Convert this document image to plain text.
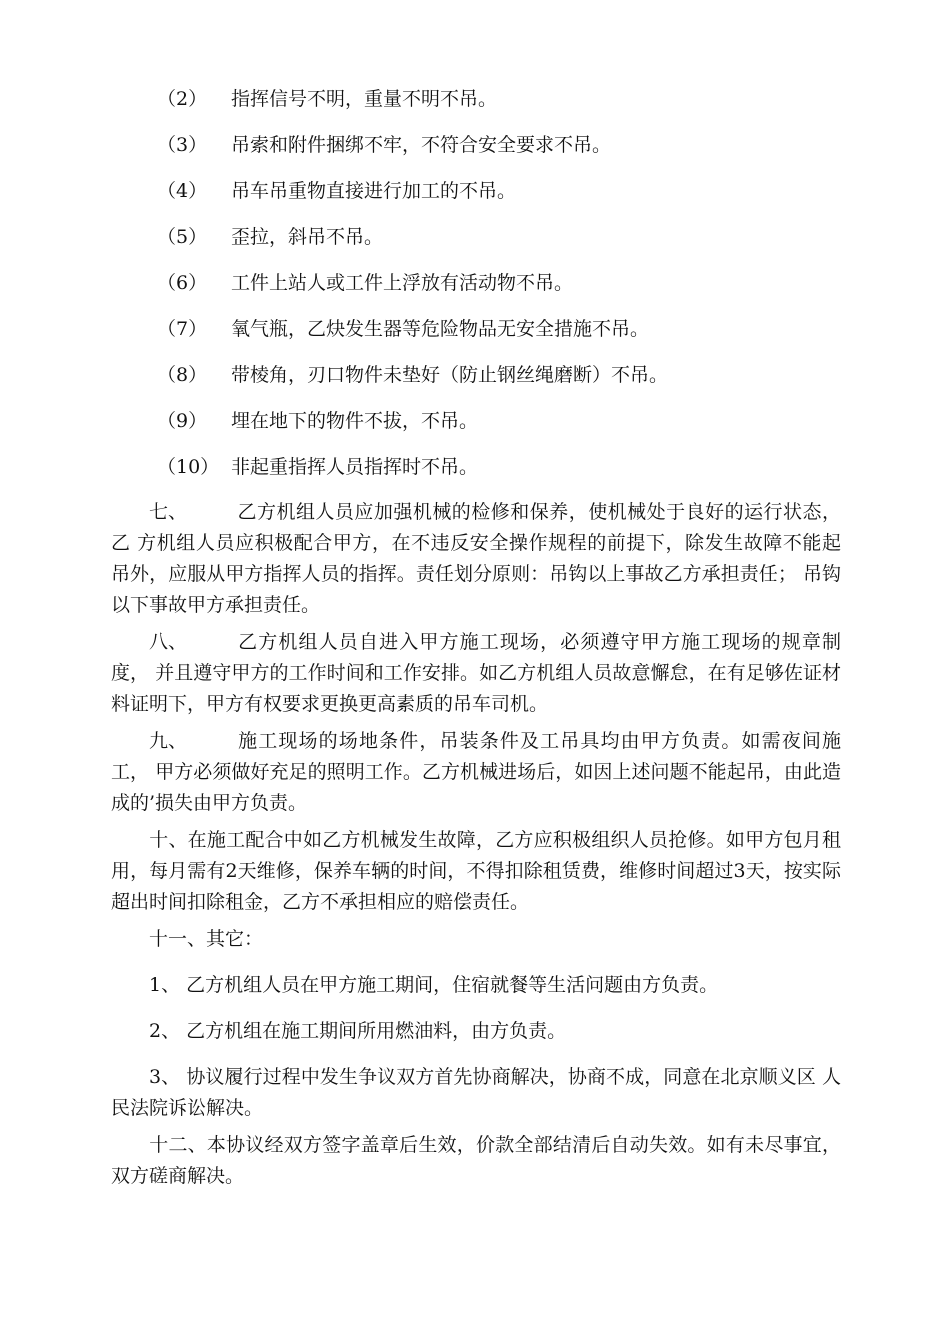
（2） 指挥信号不明，重量不明不吊。
（3） 吊索和附件捆绑不牢，不符合安全要求不吊。
（4） 吊车吊重物直接进行加工的不吊。
（5） 歪拉，斜吊不吊。
（6） 工件上站人或工件上浮放有活动物不吊。
（7） 氧气瓶，乙炔发生器等危险物品无安全措施不吊。
（8） 带棱角，刃口物件未垫好（防止钢丝绳磨断）不吊。
（9） 埋在地下的物件不拔，不吊。
（10） 非起重指挥人员指挥时不吊。
七、	乙方机组人员应加强机械的检修和保养，使机械处于良好的运行状态，乙 方机组人员应积极配合甲方，在不违反安全操作规程的前提下，除发生故障不能起 吊外，应服从甲方指挥人员的指挥。责任划分原则：吊钩以上事故乙方承担责任； 吊钩以下事故甲方承担责任。
八、	乙方机组人员自进入甲方施工现场，必须遵守甲方施工现场的规章制度， 并且遵守甲方的工作时间和工作安排。如乙方机组人员故意懈怠，在有足够佐证材 料证明下，甲方有权要求更换更高素质的吊车司机。
九、	施工现场的场地条件，吊装条件及工吊具均由甲方负责。如需夜间施工， 甲方必须做好充足的照明工作。乙方机械进场后，如因上述问题不能起吊，由此造 成的’损失由甲方负责。
十、在施工配合中如乙方机械发生故障，乙方应积极组织人员抢修。如甲方包月租用，每月需有2天维修，保养车辆的时间，不得扣除租赁费，维修时间超过3天，按实际超出时间扣除租金，乙方不承担相应的赔偿责任。
十一、其它：
1、 乙方机组人员在甲方施工期间，住宿就餐等生活问题由方负责。
2、 乙方机组在施工期间所用燃油料，由方负责。
3、 协议履行过程中发生争议双方首先协商解决，协商不成，同意在北京顺义区 人民法院诉讼解决。
十二、本协议经双方签字盖章后生效，价款全部结清后自动失效。如有未尽事宜，双方磋商解决。
